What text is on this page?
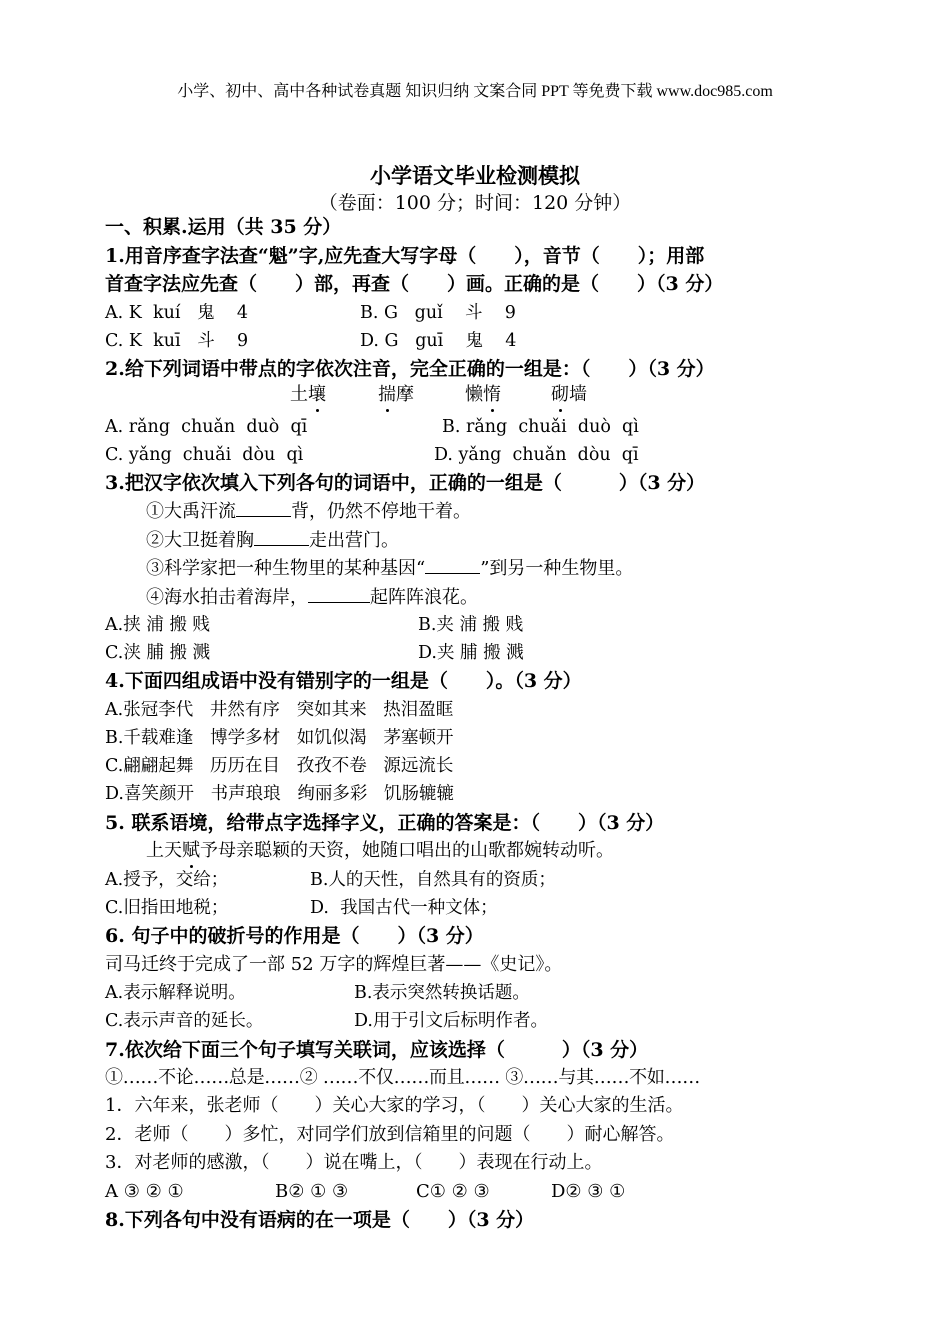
小学、初中、高中各种试卷真题 知识归纳 文案合同 PPT 等免费下载 www.doc985.com
小学语文毕业检测模拟
（卷面：100 分；时间：120 分钟）
一、积累.运用（共 35 分）
1.用音序查字法查“魁”字,应先查大写字母（　　），音节（　　）；用部
首查字法应先查（　　）部，再查（　　）画。正确的是（　　）（3 分）
A. K  kuí   鬼    4	B. G   guǐ    斗    9
C. K  kuī   斗    9	D. G   guī    鬼    4
2.给下列词语中带点的字依次注音，完全正确的一组是：（　　）（3 分）
土壤	揣摩	懒惰	砌墙
A. rǎng  chuǎn  duò  qī	B. rǎng  chuǎi  duò  qì
C. yǎng  chuǎi  dòu  qì	D. yǎng  chuǎn  dòu  qī
3.把汉字依次填入下列各句的词语中，正确的一组是（　　　）（3 分）
①大禹汗流	背，仍然不停地干着。
②大卫挺着胸	走出营门。
③科学家把一种生物里的某种基因“	”到另一种生物里。
④海水拍击着海岸，	起阵阵浪花。
A.挟 浦 搬 贱	B.夹 浦 搬 贱
C.浃 脯 搬 溅	D.夹 脯 搬 溅
4.下面四组成语中没有错别字的一组是（　　）。（3 分）
A.张冠李代   井然有序   突如其来   热泪盈眶
B.千载难逢   博学多材   如饥似渴   茅塞顿开
C.翩翩起舞   历历在目   孜孜不卷   源远流长
D.喜笑颜开   书声琅琅   绚丽多彩   饥肠辘辘
5. 联系语境，给带点字选择字义，正确的答案是：（　　）（3 分）
上天赋予母亲聪颖的天资，她随口唱出的山歌都婉转动听。
A.授予，交给；	B.人的天性，自然具有的资质；
C.旧指田地税；	D.  我国古代一种文体；
6. 句子中的破折号的作用是（　　）（3 分）
司马迁终于完成了一部 52 万字的辉煌巨著——《史记》。
A.表示解释说明。	B.表示突然转换话题。
C.表示声音的延长。	D.用于引文后标明作者。
7.依次给下面三个句子填写关联词，应该选择（　　　）（3 分）
①……不论……总是……② ……不仅……而且…… ③……与其……不如……
1．六年来，张老师（　　）关心大家的学习，（　　）关心大家的生活。
2．老师（　　）多忙，对同学们放到信箱里的问题（　　）耐心解答。
3．对老师的感激，（　　）说在嘴上，（　　）表现在行动上。
A ③ ② ①	B② ① ③	C① ② ③	D② ③ ①
8.下列各句中没有语病的在一项是（　　）（3 分）
